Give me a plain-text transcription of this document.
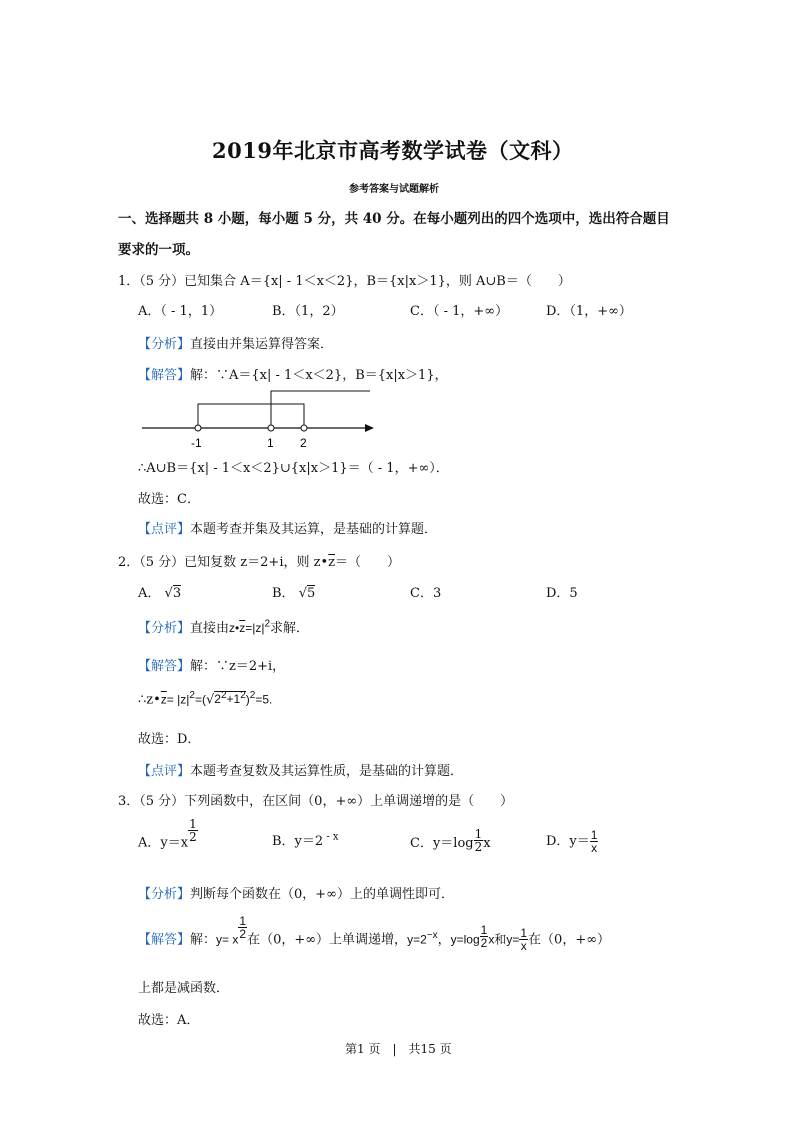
2019年北京市高考数学试卷（文科）
参考答案与试题解析
一、选择题共 8 小题，每小题 5 分，共 40 分。在每小题列出的四个选项中，选出符合题目
要求的一项。
1．（5 分）已知集合 A＝{x| - 1＜x＜2}，B＝{x|x＞1}，则 A∪B＝（　　）
A．（ - 1，1）	B．（1，2）	C．（ - 1，+∞）	D．（1，+∞）
【分析】直接由并集运算得答案．
【解答】解：∵A＝{x| - 1＜x＜2}，B＝{x|x＞1}，
-1	1 2
∴A∪B＝{x| - 1＜x＜2}∪{x|x＞1}＝（ - 1，+∞）．
故选：C．
【点评】本题考查并集及其运算，是基础的计算题．
2．（5 分）已知复数 z＝2+i，则 $z•\overline{z}=$（　　）
A． √3	B． √5	C．3	D．5
【分析】直接由$z•\overline{z}=|z|^2$求解．
【解答】解：∵z＝2+i，
$\therefore z•\overline{z}= |z|^2=(√2^2+1^2)^2=5$.
故选：D．
【点评】本题考查复数及其运算性质，是基础的计算题．
3．（5 分）下列函数中，在区间（0，+∞）上单调递增的是（　　）
A．$y=x \frac{1}{2}$	B．y＝2 $^{- x}$	C．$y=\log \frac{1}{2}$ x	D．$y= \frac{1}{x}$
【分析】判断每个函数在（0，+∞）上的单调性即可．
【解答】解：y= x $\frac{1}{2}$ 在（0，+∞）上单调递增，$y=2^{-x}$，$y=\log \frac{1}{2}$ x和$y= \frac{1}{x}$ 在（0，+∞）
上都是减函数．
故选：A．
第1 页　|　共15 页
